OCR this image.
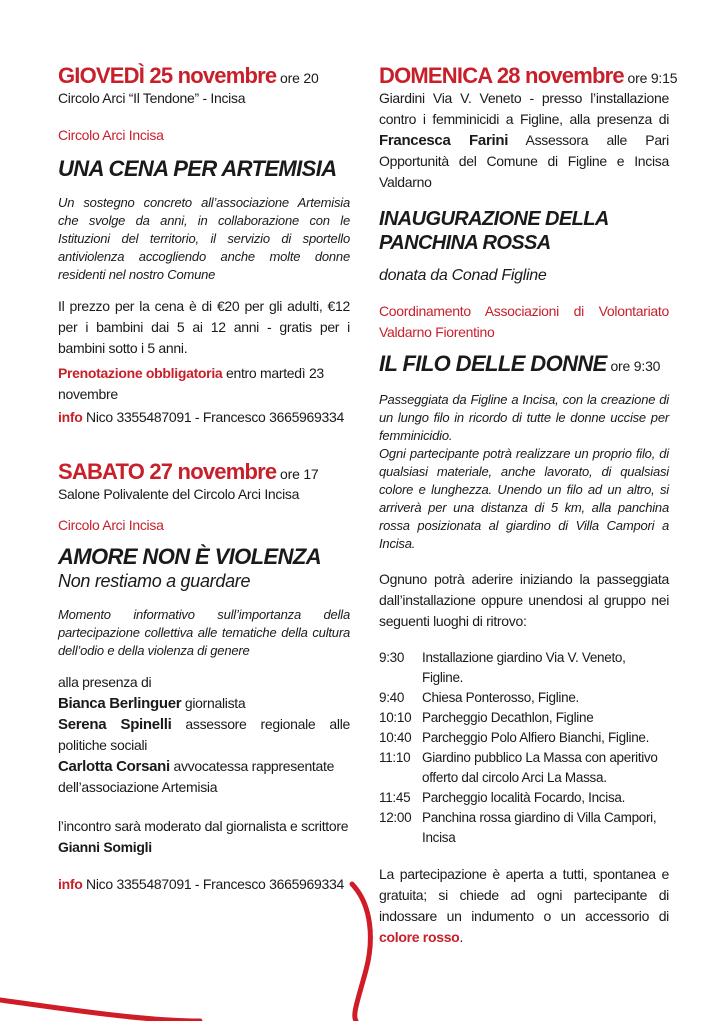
GIOVEDÌ 25 novembre ore 20

Circolo Arci “Il Tendone” - Incisa

Circolo Arci Incisa

UNA CENA PER ARTEMISIA

Un sostegno concreto all’associazione Artemisia che svolge da anni, in collaborazione con le Istituzioni del territorio, il servizio di sportello antiviolenza accogliendo anche molte donne residenti nel nostro Comune

Il prezzo per la cena è di €20 per gli adulti, €12 per i bambini dai 5 ai 12 anni - gratis per i bambini sotto i 5 anni.

Prenotazione obbligatoria entro martedì 23 novembre

info Nico 3355487091 - Francesco 3665969334

SABATO 27 novembre ore 17

Salone Polivalente del Circolo Arci Incisa

Circolo Arci Incisa

AMORE NON È VIOLENZA

Non restiamo a guardare

Momento informativo sull’importanza della partecipazione collettiva alle tematiche della cultura dell’odio e della violenza di genere

alla presenza di

Bianca Berlinguer giornalista

Serena Spinelli assessore regionale alle politiche sociali

Carlotta Corsani avvocatessa rappresentate dell’associazione Artemisia

l’incontro sarà moderato dal giornalista e scrittore Gianni Somigli

info Nico 3355487091 - Francesco 3665969334

DOMENICA 28 novembre ore 9:15

Giardini Via V. Veneto - presso l’installazione contro i femminicidi a Figline, alla presenza di Francesca Farini Assessora alle Pari Opportunità del Comune di Figline e Incisa Valdarno

INAUGURAZIONE DELLA

PANCHINA ROSSA

donata da Conad Figline

Coordinamento Associazioni di Volontariato Valdarno Fiorentino

IL FILO DELLE DONNE ore 9:30

Passeggiata da Figline a Incisa, con la creazione di un lungo filo in ricordo di tutte le donne uccise per femminicidio.

Ogni partecipante potrà realizzare un proprio filo, di qualsiasi materiale, anche lavorato, di qualsiasi colore e lunghezza. Unendo un filo ad un altro, si arriverà per una distanza di 5 km, alla panchina rossa posizionata al giardino di Villa Campori a Incisa.

Ognuno potrà aderire iniziando la passeggiata dall’installazione oppure unendosi al gruppo nei seguenti luoghi di ritrovo:

9:30	Installazione giardino Via V. Veneto, Figline.
9:40	Chiesa Ponterosso, Figline.
10:10	Parcheggio Decathlon, Figline
10:40	Parcheggio Polo Alfiero Bianchi, Figline.
11:10	Giardino pubblico La Massa con aperitivo offerto dal circolo Arci La Massa.
11:45	Parcheggio località Focardo, Incisa.
12:00	Panchina rossa giardino di Villa Campori, Incisa

La partecipazione è aperta a tutti, spontanea e gratuita; si chiede ad ogni partecipante di indossare un indumento o un accessorio di colore rosso.
